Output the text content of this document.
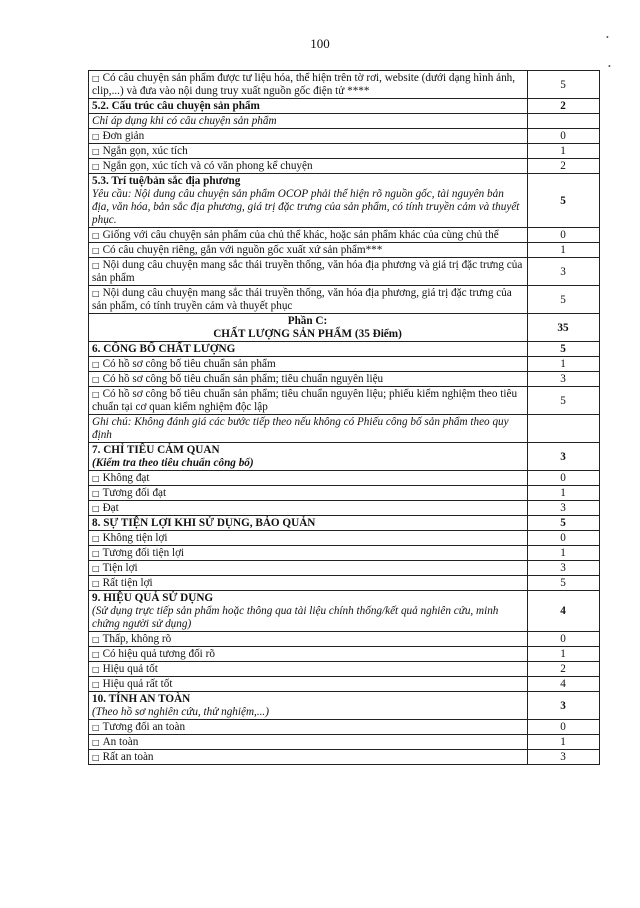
100	•
•
□ Có câu chuyện sản phẩm được tư liệu hóa, thể hiện trên tờ rơi, website (dưới dạng hình ảnh, clip,...) và đưa vào nội dung truy xuất nguồn gốc điện tử ****	5

5.2. Cấu trúc câu chuyện sản phẩm	2

Chỉ áp dụng khi có câu chuyện sản phẩm	

□ Đơn giản	0
□ Ngắn gọn, xúc tích	1
□ Ngắn gọn, xúc tích và có văn phong kể chuyện	2

5.3. Trí tuệ/bản sắc địa phương
Yêu cầu: Nội dung câu chuyện sản phẩm OCOP phải thể hiện rõ nguồn gốc, tài nguyên bản địa, văn hóa, bản sắc địa phương, giá trị đặc trưng của sản phẩm, có tính truyền cảm và thuyết phục.	5
□ Giống với câu chuyện sản phẩm của chủ thể khác, hoặc sản phẩm khác của cùng chủ thể	0
□ Có câu chuyện riêng, gắn với nguồn gốc xuất xứ sản phẩm***	1
□ Nội dung câu chuyện mang sắc thái truyền thống, văn hóa địa phương và giá trị đặc trưng của sản phẩm	3
□ Nội dung câu chuyện mang sắc thái truyền thống, văn hóa địa phương, giá trị đặc trưng của sản phẩm, có tính truyền cảm và thuyết phục	5

Phần C:
CHẤT LƯỢNG SẢN PHẨM (35 Điểm)	35

6. CÔNG BỐ CHẤT LƯỢNG	5
□ Có hồ sơ công bố tiêu chuẩn sản phẩm	1
□ Có hồ sơ công bố tiêu chuẩn sản phẩm; tiêu chuẩn nguyên liệu	3
□ Có hồ sơ công bố tiêu chuẩn sản phẩm; tiêu chuẩn nguyên liệu; phiếu kiểm nghiệm theo tiêu chuẩn tại cơ quan kiểm nghiệm độc lập	5

Ghi chú: Không đánh giá các bước tiếp theo nếu không có Phiếu công bố sản phẩm theo quy định	

7. CHỈ TIÊU CẢM QUAN
(Kiểm tra theo tiêu chuẩn công bố)	3
□ Không đạt	0
□ Tương đối đạt	1
□ Đạt	3

8. SỰ TIỆN LỢI KHI SỬ DỤNG, BẢO QUẢN	5
□ Không tiện lợi	0
□ Tương đối tiện lợi	1
□ Tiện lợi	3
□ Rất tiện lợi	5

9. HIỆU QUẢ SỬ DỤNG
(Sử dụng trực tiếp sản phẩm hoặc thông qua tài liệu chính thống/kết quả nghiên cứu, minh chứng người sử dụng)	4
□ Thấp, không rõ	0
□ Có hiệu quả tương đối rõ	1
□ Hiệu quả tốt	2
□ Hiệu quả rất tốt	4

10. TÍNH AN TOÀN
(Theo hồ sơ nghiên cứu, thử nghiệm,...)	3
□ Tương đối an toàn	0
□ An toàn	1
□ Rất an toàn	3
